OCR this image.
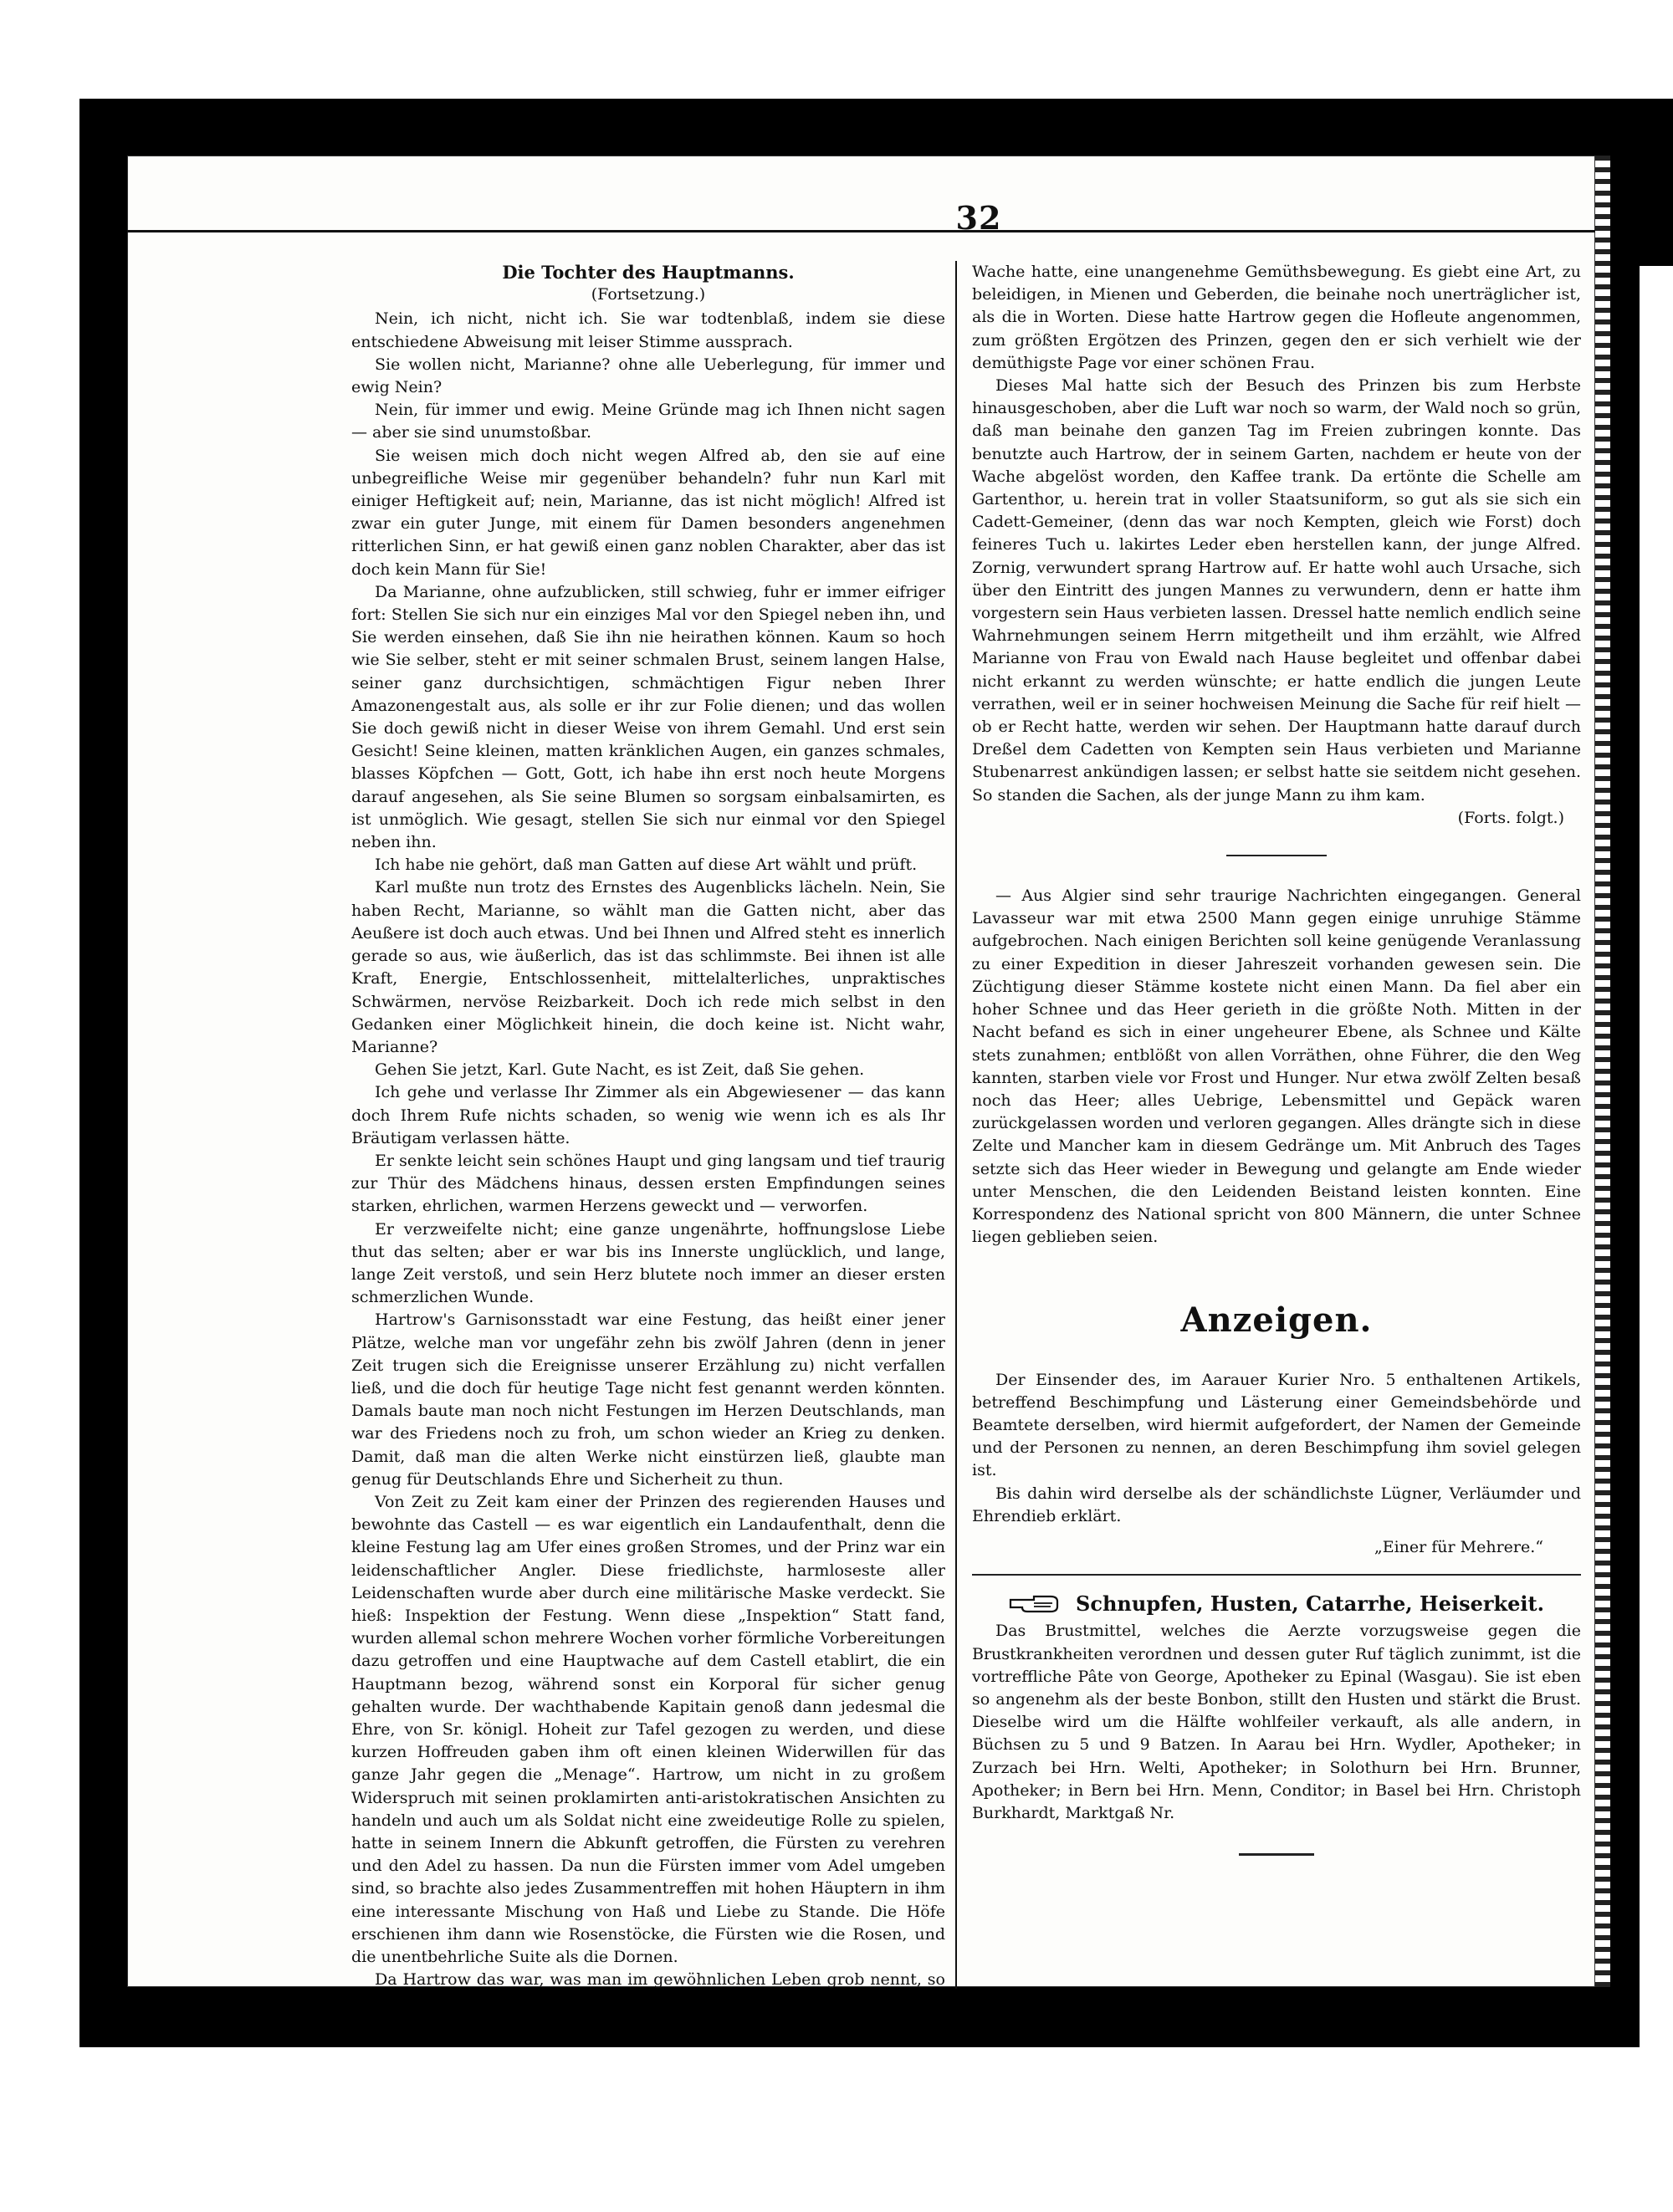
32
Die Tochter des Hauptmanns.
(Fortsetzung.)

Nein, ich nicht, nicht ich. Sie war todtenblaß, indem sie diese entschiedene Abweisung mit leiser Stimme aussprach.

Sie wollen nicht, Marianne? ohne alle Ueberlegung, für immer und ewig Nein?

Nein, für immer und ewig. Meine Gründe mag ich Ihnen nicht sagen — aber sie sind unumstoßbar.

Sie weisen mich doch nicht wegen Alfred ab, den sie auf eine unbegreifliche Weise mir gegenüber behandeln? fuhr nun Karl mit einiger Heftigkeit auf; nein, Marianne, das ist nicht möglich! Alfred ist zwar ein guter Junge, mit einem für Damen besonders angenehmen ritterlichen Sinn, er hat gewiß einen ganz noblen Charakter, aber das ist doch kein Mann für Sie!

Da Marianne, ohne aufzublicken, still schwieg, fuhr er immer eifriger fort: Stellen Sie sich nur ein einziges Mal vor den Spiegel neben ihn, und Sie werden einsehen, daß Sie ihn nie heirathen können. Kaum so hoch wie Sie selber, steht er mit seiner schmalen Brust, seinem langen Halse, seiner ganz durchsichtigen, schmächtigen Figur neben Ihrer Amazonengestalt aus, als solle er ihr zur Folie dienen; und das wollen Sie doch gewiß nicht in dieser Weise von ihrem Gemahl. Und erst sein Gesicht! Seine kleinen, matten kränklichen Augen, ein ganzes schmales, blasses Köpfchen — Gott, Gott, ich habe ihn erst noch heute Morgens darauf angesehen, als Sie seine Blumen so sorgsam einbalsamirten, es ist unmöglich. Wie gesagt, stellen Sie sich nur einmal vor den Spiegel neben ihn.

Ich habe nie gehört, daß man Gatten auf diese Art wählt und prüft.

Karl mußte nun trotz des Ernstes des Augenblicks lächeln. Nein, Sie haben Recht, Marianne, so wählt man die Gatten nicht, aber das Aeußere ist doch auch etwas. Und bei Ihnen und Alfred steht es innerlich gerade so aus, wie äußerlich, das ist das schlimmste. Bei ihnen ist alle Kraft, Energie, Entschlossenheit, mittelalterliches, unpraktisches Schwärmen, nervöse Reizbarkeit. Doch ich rede mich selbst in den Gedanken einer Möglichkeit hinein, die doch keine ist. Nicht wahr, Marianne?

Gehen Sie jetzt, Karl. Gute Nacht, es ist Zeit, daß Sie gehen.

Ich gehe und verlasse Ihr Zimmer als ein Abgewiesener — das kann doch Ihrem Rufe nichts schaden, so wenig wie wenn ich es als Ihr Bräutigam verlassen hätte.

Er senkte leicht sein schönes Haupt und ging langsam und tief traurig zur Thür des Mädchens hinaus, dessen ersten Empfindungen seines starken, ehrlichen, warmen Herzens geweckt und — verworfen.

Er verzweifelte nicht; eine ganze ungenährte, hoffnungslose Liebe thut das selten; aber er war bis ins Innerste unglücklich, und lange, lange Zeit verstoß, und sein Herz blutete noch immer an dieser ersten schmerzlichen Wunde.

Hartrow's Garnisonsstadt war eine Festung, das heißt einer jener Plätze, welche man vor ungefähr zehn bis zwölf Jahren (denn in jener Zeit trugen sich die Ereignisse unserer Erzählung zu) nicht verfallen ließ, und die doch für heutige Tage nicht fest genannt werden könnten. Damals baute man noch nicht Festungen im Herzen Deutschlands, man war des Friedens noch zu froh, um schon wieder an Krieg zu denken. Damit, daß man die alten Werke nicht einstürzen ließ, glaubte man genug für Deutschlands Ehre und Sicherheit zu thun.

Von Zeit zu Zeit kam einer der Prinzen des regierenden Hauses und bewohnte das Castell — es war eigentlich ein Landaufenthalt, denn die kleine Festung lag am Ufer eines großen Stromes, und der Prinz war ein leidenschaftlicher Angler. Diese friedlichste, harmloseste aller Leidenschaften wurde aber durch eine militärische Maske verdeckt. Sie hieß: Inspektion der Festung. Wenn diese „Inspektion“ Statt fand, wurden allemal schon mehrere Wochen vorher förmliche Vorbereitungen dazu getroffen und eine Hauptwache auf dem Castell etablirt, die ein Hauptmann bezog, während sonst ein Korporal für sicher genug gehalten wurde. Der wachthabende Kapitain genoß dann jedesmal die Ehre, von Sr. königl. Hoheit zur Tafel gezogen zu werden, und diese kurzen Hoffreuden gaben ihm oft einen kleinen Widerwillen für das ganze Jahr gegen die „Menage“. Hartrow, um nicht in zu großem Widerspruch mit seinen proklamirten anti-aristokratischen Ansichten zu handeln und auch um als Soldat nicht eine zweideutige Rolle zu spielen, hatte in seinem Innern die Abkunft getroffen, die Fürsten zu verehren und den Adel zu hassen. Da nun die Fürsten immer vom Adel umgeben sind, so brachte also jedes Zusammentreffen mit hohen Häuptern in ihm eine interessante Mischung von Haß und Liebe zu Stande. Die Höfe erschienen ihm dann wie Rosenstöcke, die Fürsten wie die Rosen, und die unentbehrliche Suite als die Dornen.

Da Hartrow das war, was man im gewöhnlichen Leben grob nennt, so

Wache hatte, eine unangenehme Gemüthsbewegung. Es giebt eine Art, zu beleidigen, in Mienen und Geberden, die beinahe noch unerträglicher ist, als die in Worten. Diese hatte Hartrow gegen die Hofleute angenommen, zum größten Ergötzen des Prinzen, gegen den er sich verhielt wie der demüthigste Page vor einer schönen Frau.

Dieses Mal hatte sich der Besuch des Prinzen bis zum Herbste hinausgeschoben, aber die Luft war noch so warm, der Wald noch so grün, daß man beinahe den ganzen Tag im Freien zubringen konnte. Das benutzte auch Hartrow, der in seinem Garten, nachdem er heute von der Wache abgelöst worden, den Kaffee trank. Da ertönte die Schelle am Gartenthor, u. herein trat in voller Staatsuniform, so gut als sie sich ein Cadett-Gemeiner, (denn das war noch Kempten, gleich wie Forst) doch feineres Tuch u. lakirtes Leder eben herstellen kann, der junge Alfred. Zornig, verwundert sprang Hartrow auf. Er hatte wohl auch Ursache, sich über den Eintritt des jungen Mannes zu verwundern, denn er hatte ihm vorgestern sein Haus verbieten lassen. Dressel hatte nemlich endlich seine Wahrnehmungen seinem Herrn mitgetheilt und ihm erzählt, wie Alfred Marianne von Frau von Ewald nach Hause begleitet und offenbar dabei nicht erkannt zu werden wünschte; er hatte endlich die jungen Leute verrathen, weil er in seiner hochweisen Meinung die Sache für reif hielt — ob er Recht hatte, werden wir sehen. Der Hauptmann hatte darauf durch Dreßel dem Cadetten von Kempten sein Haus verbieten und Marianne Stubenarrest ankündigen lassen; er selbst hatte sie seitdem nicht gesehen. So standen die Sachen, als der junge Mann zu ihm kam.

(Forts. folgt.)

— Aus Algier sind sehr traurige Nachrichten eingegangen. General Lavasseur war mit etwa 2500 Mann gegen einige unruhige Stämme aufgebrochen. Nach einigen Berichten soll keine genügende Veranlassung zu einer Expedition in dieser Jahreszeit vorhanden gewesen sein. Die Züchtigung dieser Stämme kostete nicht einen Mann. Da fiel aber ein hoher Schnee und das Heer gerieth in die größte Noth. Mitten in der Nacht befand es sich in einer ungeheurer Ebene, als Schnee und Kälte stets zunahmen; entblößt von allen Vorräthen, ohne Führer, die den Weg kannten, starben viele vor Frost und Hunger. Nur etwa zwölf Zelten besaß noch das Heer; alles Uebrige, Lebensmittel und Gepäck waren zurückgelassen worden und verloren gegangen. Alles drängte sich in diese Zelte und Mancher kam in diesem Gedränge um. Mit Anbruch des Tages setzte sich das Heer wieder in Bewegung und gelangte am Ende wieder unter Menschen, die den Leidenden Beistand leisten konnten. Eine Korrespondenz des National spricht von 800 Männern, die unter Schnee liegen geblieben seien.

Anzeigen.

Der Einsender des, im Aarauer Kurier Nro. 5 enthaltenen Artikels, betreffend Beschimpfung und Lästerung einer Gemeindsbehörde und Beamtete derselben, wird hiermit aufgefordert, der Namen der Gemeinde und der Personen zu nennen, an deren Beschimpfung ihm soviel gelegen ist.

Bis dahin wird derselbe als der schändlichste Lügner, Verläumder und Ehrendieb erklärt.

„Einer für Mehrere.“
Schnupfen, Husten, Catarrhe, Heiserkeit.

Das Brustmittel, welches die Aerzte vorzugsweise gegen die Brustkrankheiten verordnen und dessen guter Ruf täglich zunimmt, ist die vortreffliche Pâte von George, Apotheker zu Epinal (Wasgau). Sie ist eben so angenehm als der beste Bonbon, stillt den Husten und stärkt die Brust. Dieselbe wird um die Hälfte wohlfeiler verkauft, als alle andern, in Büchsen zu 5 und 9 Batzen. In Aarau bei Hrn. Wydler, Apotheker; in Zurzach bei Hrn. Welti, Apotheker; in Solothurn bei Hrn. Brunner, Apotheker; in Bern bei Hrn. Menn, Conditor; in Basel bei Hrn. Christoph Burkhardt, Marktgaß Nr.
